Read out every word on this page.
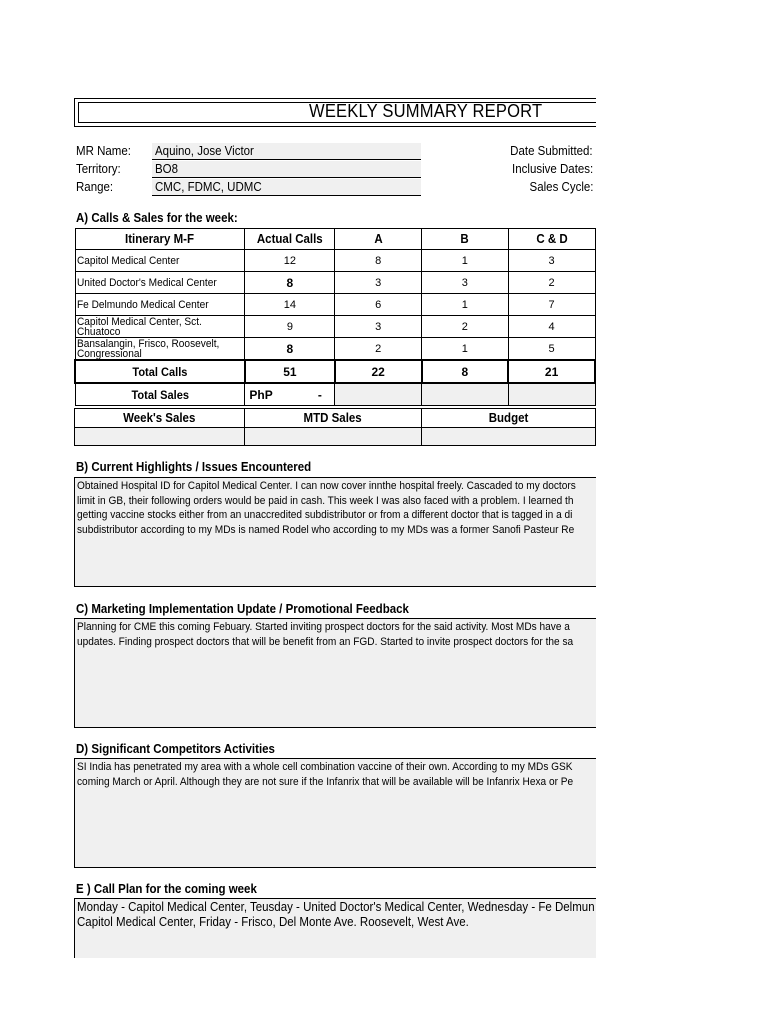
WEEKLY SUMMARY REPORT
MR Name: Aquino, Jose Victor
Territory:	BO8
Range:	CMC, FDMC, UDMC
Date Submitted:
Inclusive Dates:
Sales Cycle:
A) Calls & Sales for the week:
Itinerary M-F	Actual Calls	A	B	C & D
Capitol Medical Center	12	8	1	3
United Doctor's Medical Center	8	3	3	2
Fe Delmundo Medical Center	14	6	1	7
Capitol Medical Center, Sct. Chuatoco	9	3	2	4
Bansalangin, Frisco, Roosevelt, Congressional	8	2	1	5
Total Calls	51	22	8	21
Total Sales	PhP -			
Week's Sales	MTD Sales	Budget

B) Current Highlights / Issues Encountered
Obtained Hospital ID for Capitol Medical Center. I can now cover innthe hospital freely. Cascaded to my doctors
limit in GB, their following orders would be paid in cash. This week I was also faced with a problem. I learned th
getting vaccine stocks either from an unaccredited subdistributor or from a different doctor that is tagged in a di
subdistributor according to my MDs is named Rodel who according to my MDs was a former Sanofi Pasteur Re
C) Marketing Implementation Update / Promotional Feedback
Planning for CME this coming Febuary. Started inviting prospect doctors for the said activity. Most MDs have a
updates. Finding prospect doctors that will be benefit from an FGD. Started to invite prospect doctors for the sa
D) Significant Competitors Activities
SI India has penetrated my area with a whole cell combination vaccine of their own. According to my MDs GSK
coming March or April. Although they are not sure if the Infanrix that will be available will be Infanrix Hexa or Pe
E ) Call Plan for the coming week
Monday - Capitol Medical Center, Teusday - United Doctor's Medical Center, Wednesday - Fe Delmun
Capitol Medical Center, Friday - Frisco, Del Monte Ave. Roosevelt, West Ave.
